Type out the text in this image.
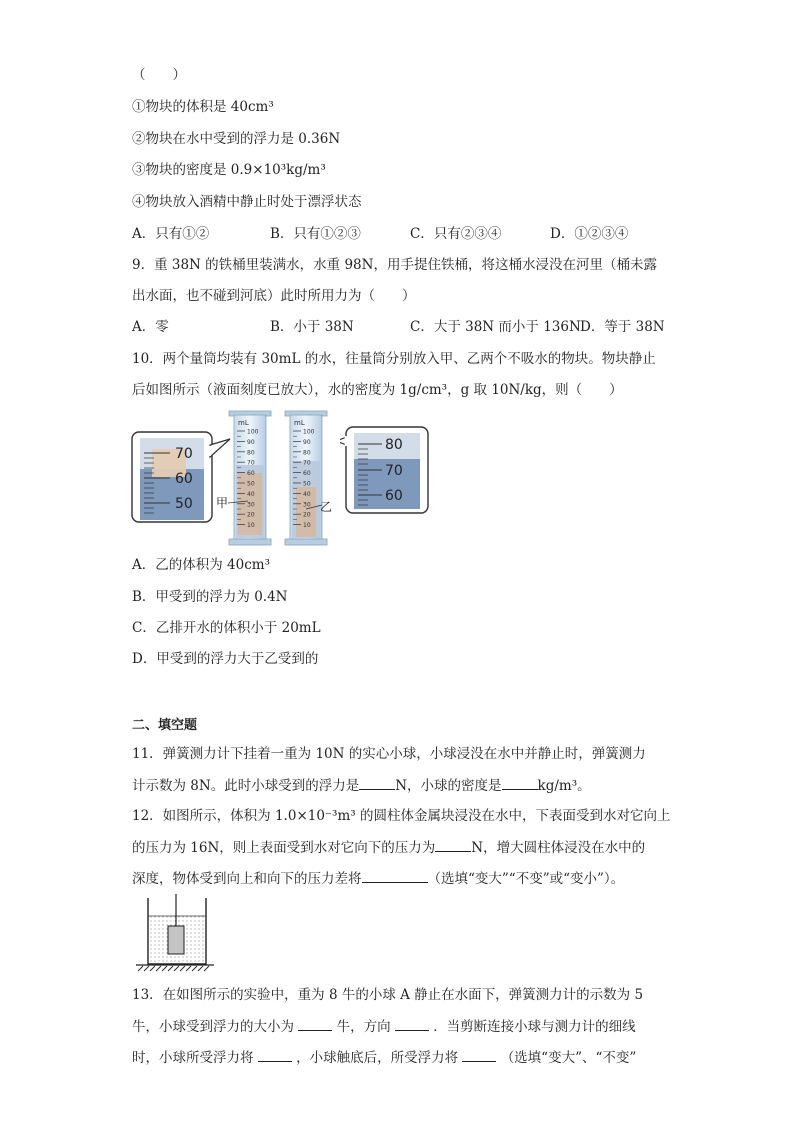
（　　）
①物块的体积是 40cm³
②物块在水中受到的浮力是 0.36N
③物块的密度是 0.9×10³kg/m³
④物块放入酒精中静止时处于漂浮状态
A．只有①②	B．只有①②③	C．只有②③④	D．①②③④
9．重 38N 的铁桶里装满水，水重 98N，用手提住铁桶，将这桶水浸没在河里（桶未露
出水面，也不碰到河底）此时所用力为（　　）
A．零	B．小于 38N	C．大于 38N 而小于 136N D．等于 38N
10．两个量筒均装有 30mL 的水，往量筒分别放入甲、乙两个不吸水的物块。物块静止
后如图所示（液面刻度已放大），水的密度为 1g/cm³，g 取 10N/kg，则（　　）
70
60
50
mL
100
90
80
70
60
50
40
30
20
10
甲
mL
100
90
80
70
60
50
40
30
20
10
乙
80
70
60
A．乙的体积为 40cm³
B．甲受到的浮力为 0.4N
C．乙排开水的体积小于 20mL
D．甲受到的浮力大于乙受到的
二、填空题
11．弹簧测力计下挂着一重为 10N 的实心小球，小球浸没在水中并静止时，弹簧测力
计示数为 8N。此时小球受到的浮力是	N，小球的密度是	kg/m³。
12．如图所示，体积为 1.0×10⁻³m³ 的圆柱体金属块浸没在水中，下表面受到水对它向上
的压力为 16N，则上表面受到水对它向下的压力为	N，增大圆柱体浸没在水中的
深度，物体受到向上和向下的压力差将	（选填“变大”“不变”或“变小”）。
13．在如图所示的实验中，重为 8 牛的小球 A 静止在水面下，弹簧测力计的示数为 5
牛，小球受到浮力的大小为	牛，方向	．当剪断连接小球与测力计的细线
时，小球所受浮力将	，小球触底后，所受浮力将	（选填“变大”、“不变”
